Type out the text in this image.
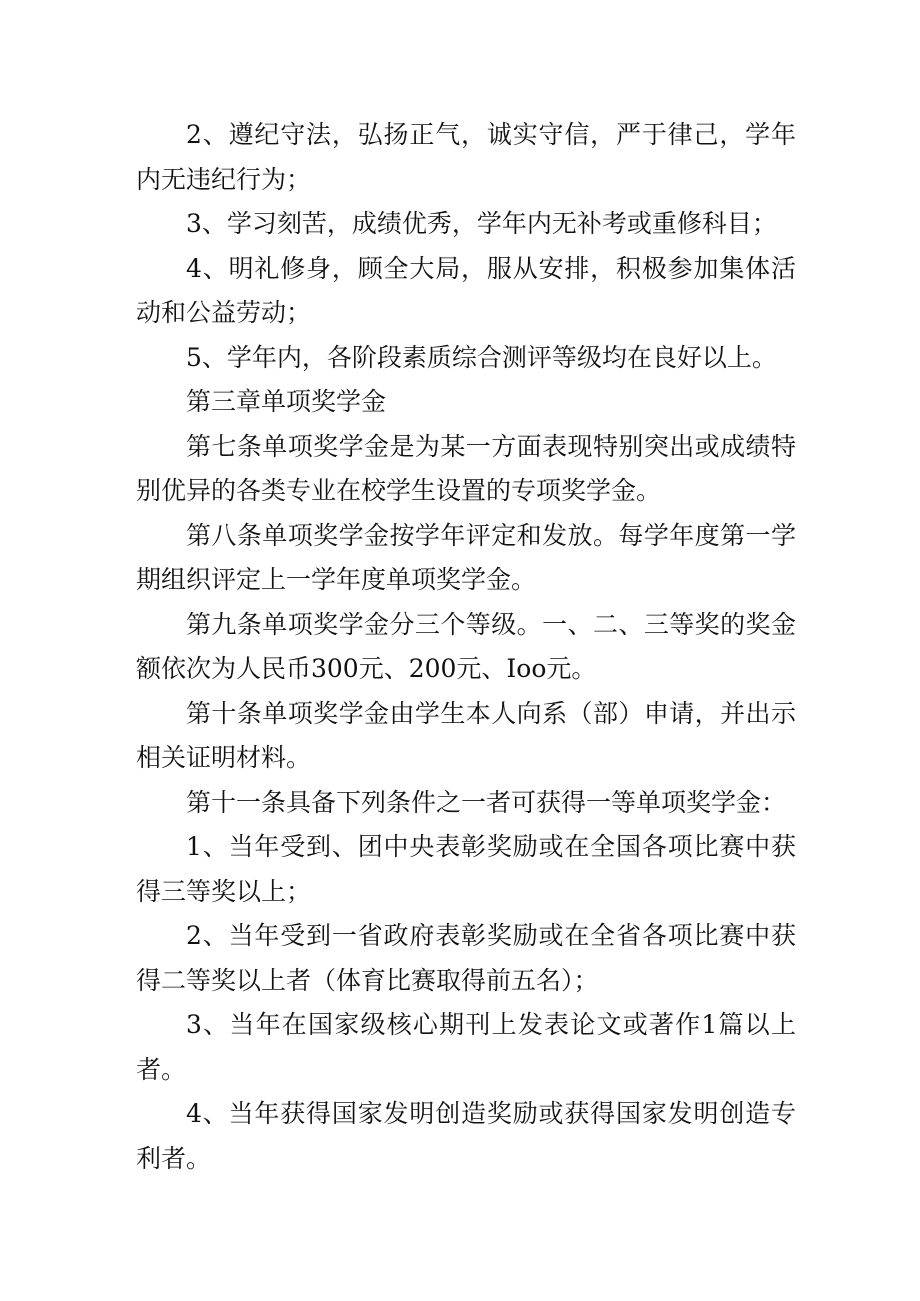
2、遵纪守法，弘扬正气，诚实守信，严于律己，学年内无违纪行为；

3、学习刻苦，成绩优秀，学年内无补考或重修科目；

4、明礼修身，顾全大局，服从安排，积极参加集体活动和公益劳动；

5、学年内，各阶段素质综合测评等级均在良好以上。

第三章单项奖学金

第七条单项奖学金是为某一方面表现特别突出或成绩特别优异的各类专业在校学生设置的专项奖学金。

第八条单项奖学金按学年评定和发放。每学年度第一学期组织评定上一学年度单项奖学金。

第九条单项奖学金分三个等级。一、二、三等奖的奖金额依次为人民币300元、200元、Ioo元。

第十条单项奖学金由学生本人向系（部）申请，并出示相关证明材料。

第十一条具备下列条件之一者可获得一等单项奖学金：

1、当年受到、团中央表彰奖励或在全国各项比赛中获得三等奖以上；

2、当年受到一省政府表彰奖励或在全省各项比赛中获得二等奖以上者（体育比赛取得前五名）；

3、当年在国家级核心期刊上发表论文或著作1篇以上者。

4、当年获得国家发明创造奖励或获得国家发明创造专利者。
